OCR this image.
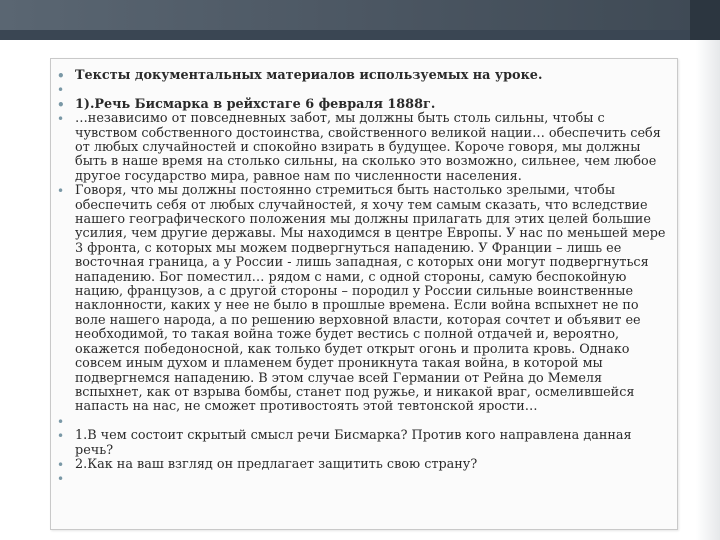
• Тексты документальных материалов используемых на уроке.
•
• 1).Речь Бисмарка в рейхстаге 6 февраля 1888г.
• …независимо от повседневных забот, мы должны быть столь сильны, чтобы с чувством собственного достоинства, свойственного великой нации… обеспечить себя от любых случайностей и спокойно взирать в будущее. Короче говоря, мы должны быть в наше время на столько сильны, на сколько это возможно, сильнее, чем любое другое государство мира, равное нам по численности населения.
• Говоря, что мы должны постоянно стремиться быть настолько зрелыми, чтобы обеспечить себя от любых случайностей, я хочу тем самым сказать, что вследствие нашего географического положения мы должны прилагать для этих целей большие усилия, чем другие державы. Мы находимся в центре Европы. У нас по меньшей мере 3 фронта, с которых мы можем подвергнуться нападению. У Франции – лишь ее восточная граница, а у России - лишь западная, с которых они могут подвергнуться нападению. Бог поместил… рядом с нами, с одной стороны, самую беспокойную нацию, французов, а с другой стороны – породил у России сильные воинственные наклонности, каких у нее не было в прошлые времена. Если война вспыхнет не по воле нашего народа, а по решению верховной власти, которая сочтет и объявит ее необходимой, то такая война тоже будет вестись с полной отдачей и, вероятно, окажется победоносной, как только будет открыт огонь и пролита кровь. Однако совсем иным духом и пламенем будет проникнута такая война, в которой мы подвергнемся нападению. В этом случае всей Германии от Рейна до Мемеля вспыхнет, как от взрыва бомбы, станет под ружье, и никакой враг, осмелившейся напасть на нас, не сможет противостоять этой тевтонской ярости…
•
• 1.В чем состоит скрытый смысл речи Бисмарка? Против кого направлена данная речь?
• 2.Как на ваш взгляд он предлагает защитить свою страну?
•
